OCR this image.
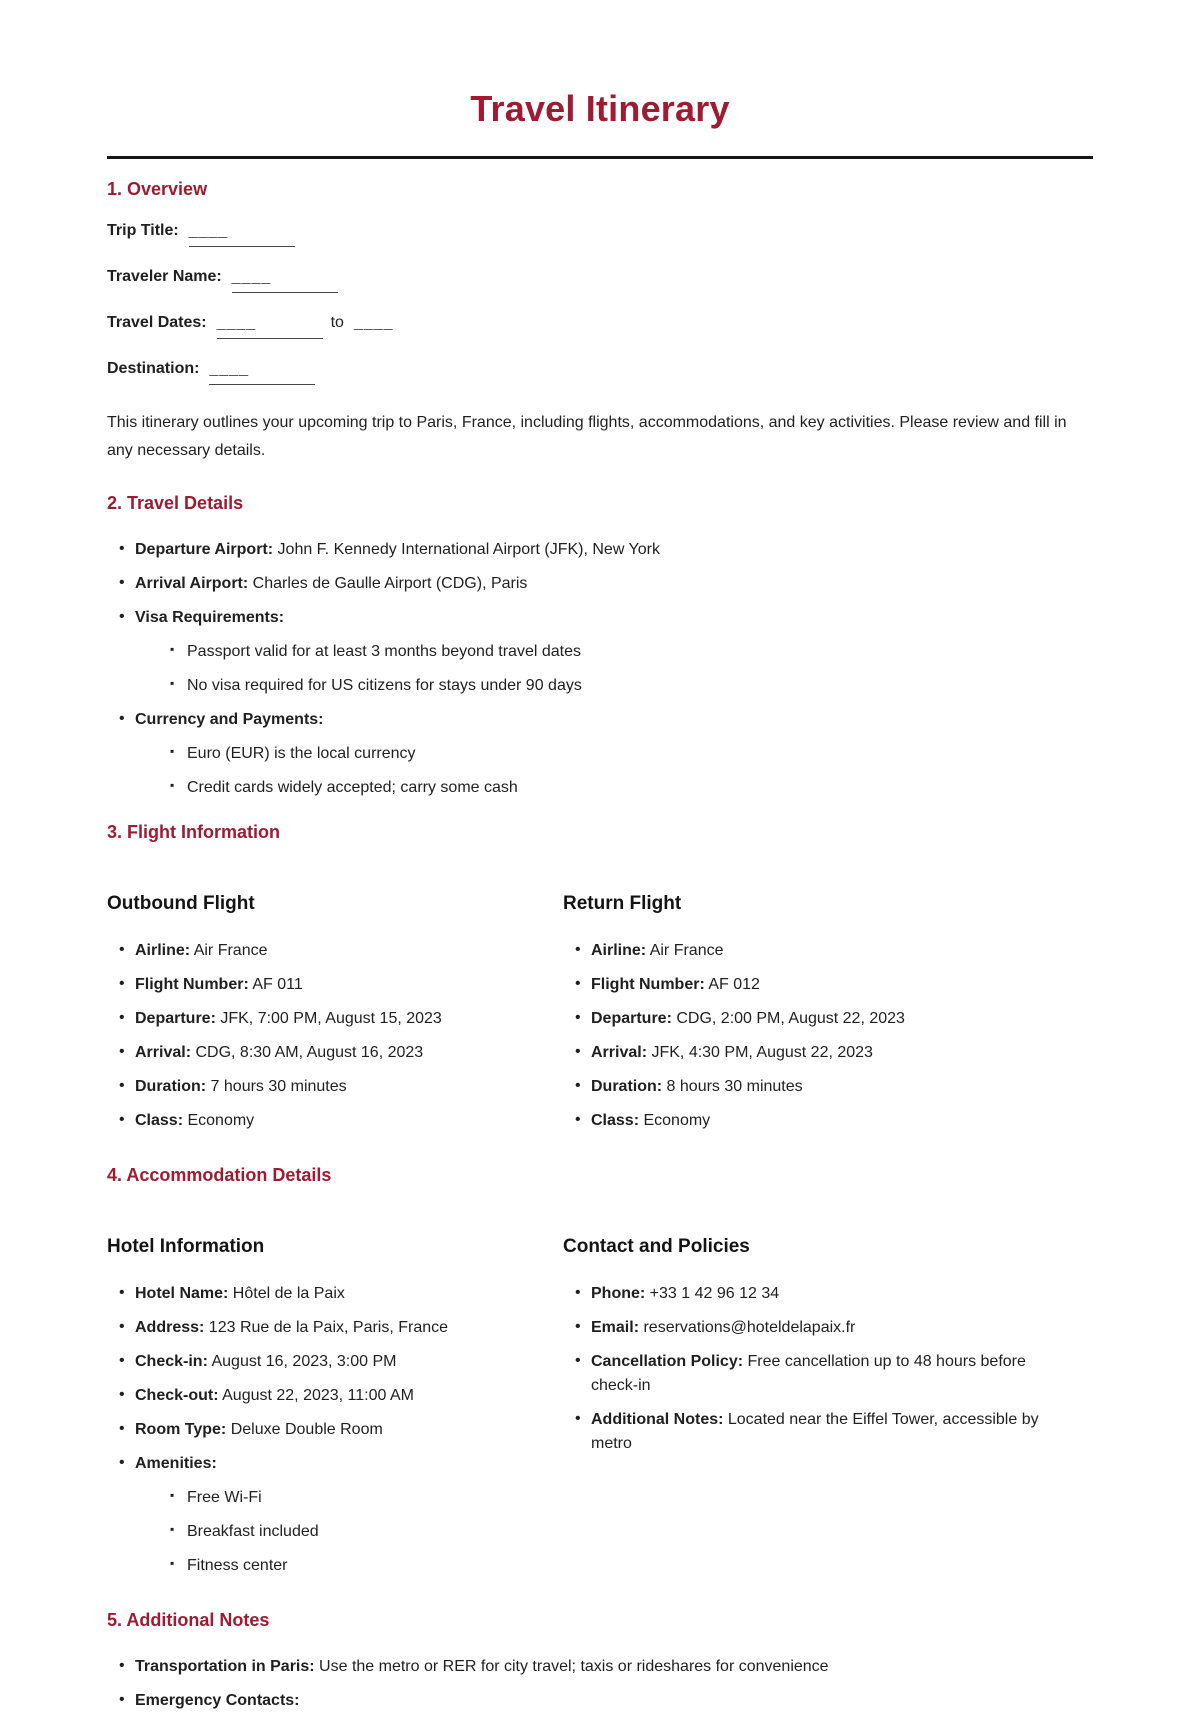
Travel Itinerary
1. Overview
Trip Title: ____
Traveler Name: ____
Travel Dates: ____	to ____
Destination: ____

This itinerary outlines your upcoming trip to Paris, France, including flights, accommodations, and key activities. Please review and fill in any necessary details.

2. Travel Details
• Departure Airport: John F. Kennedy International Airport (JFK), New York
• Arrival Airport: Charles de Gaulle Airport (CDG), Paris
• Visa Requirements:
▪ Passport valid for at least 3 months beyond travel dates
▪ No visa required for US citizens for stays under 90 days
• Currency and Payments:
▪ Euro (EUR) is the local currency
▪ Credit cards widely accepted; carry some cash
3. Flight Information
Outbound Flight
• Airline: Air France
• Flight Number: AF 011
• Departure: JFK, 7:00 PM, August 15, 2023
• Arrival: CDG, 8:30 AM, August 16, 2023
• Duration: 7 hours 30 minutes
• Class: Economy
Return Flight
• Airline: Air France
• Flight Number: AF 012
• Departure: CDG, 2:00 PM, August 22, 2023
• Arrival: JFK, 4:30 PM, August 22, 2023
• Duration: 8 hours 30 minutes
• Class: Economy
4. Accommodation Details
Hotel Information
• Hotel Name: Hôtel de la Paix
• Address: 123 Rue de la Paix, Paris, France
• Check-in: August 16, 2023, 3:00 PM
• Check-out: August 22, 2023, 11:00 AM
• Room Type: Deluxe Double Room
• Amenities:
▪ Free Wi-Fi
▪ Breakfast included
▪ Fitness center
Contact and Policies
• Phone: +33 1 42 96 12 34
• Email: reservations@hoteldelapaix.fr
• Cancellation Policy: Free cancellation up to 48 hours before check-in
• Additional Notes: Located near the Eiffel Tower, accessible by metro
5. Additional Notes
• Transportation in Paris: Use the metro or RER for city travel; taxis or rideshares for convenience
• Emergency Contacts:
